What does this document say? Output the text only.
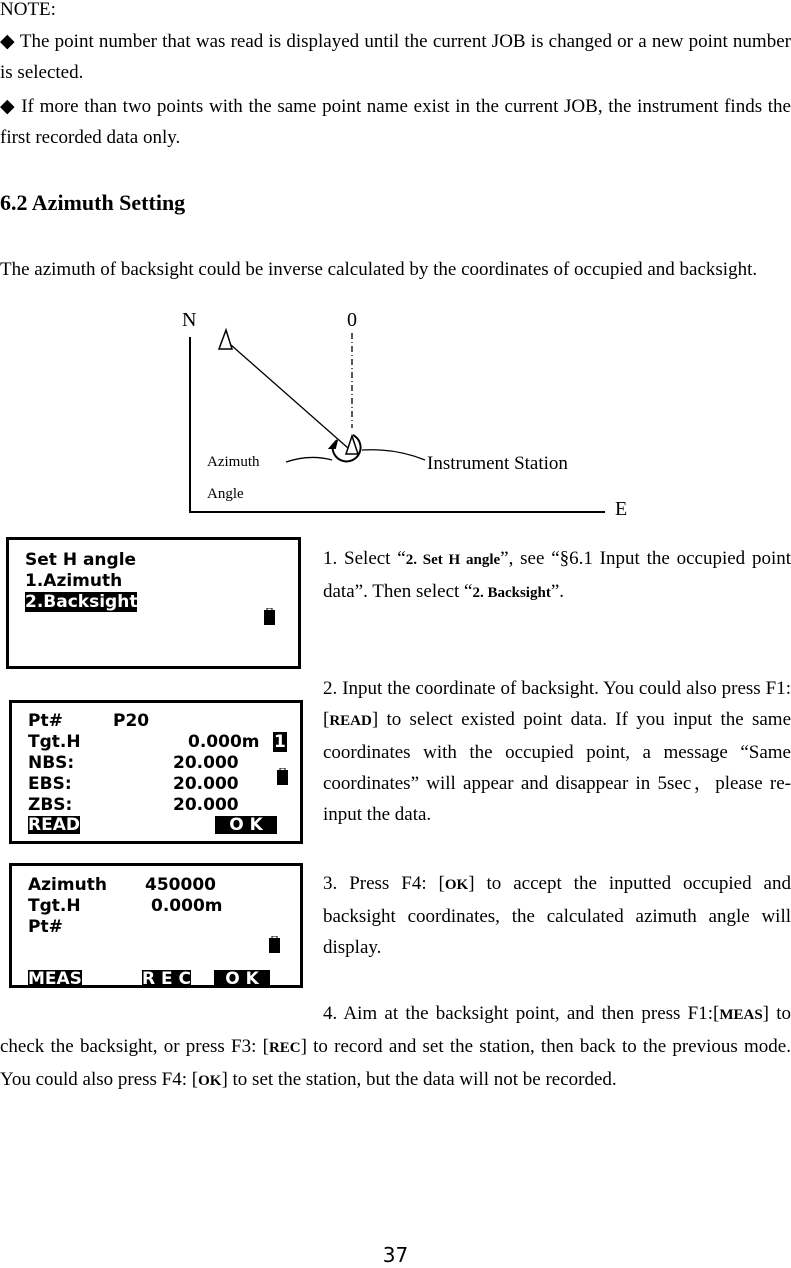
NOTE:
◆ The point number that was read is displayed until the current JOB is changed or a new point number is selected.
◆ If more than two points with the same point name exist in the current JOB, the instrument finds the first recorded data only.
6.2 Azimuth Setting
The azimuth of backsight could be inverse calculated by the coordinates of occupied and backsight.
N	0
E
Azimuth
Angle
Instrument Station
Set H angle
1.Azimuth
2.Backsight
Pt#	P20
Tgt.H	0.000m 1
NBS:	20.000
EBS:	20.000
ZBS:	20.000
READ	O K
Azimuth 450000
Tgt.H	0.000m
Pt#
MEAS	R E C	O K
1. Select “2. Set H angle”, see “§6.1 Input the occupied point data”. Then select “2. Backsight”.
2. Input the coordinate of backsight. You could also press F1: [READ] to select existed point data. If you input the same coordinates with the occupied point, a message “Same coordinates” will appear and disappear in 5sec，please re-input the data.
3. Press F4: [OK] to accept the inputted occupied and backsight coordinates, the calculated azimuth angle will display.
4. Aim at the backsight point, and then press F1:[MEAS] to check the backsight, or press F3: [REC] to record and set the station, then back to the previous mode. You could also press F4: [OK] to set the station, but the data will not be recorded.
37
